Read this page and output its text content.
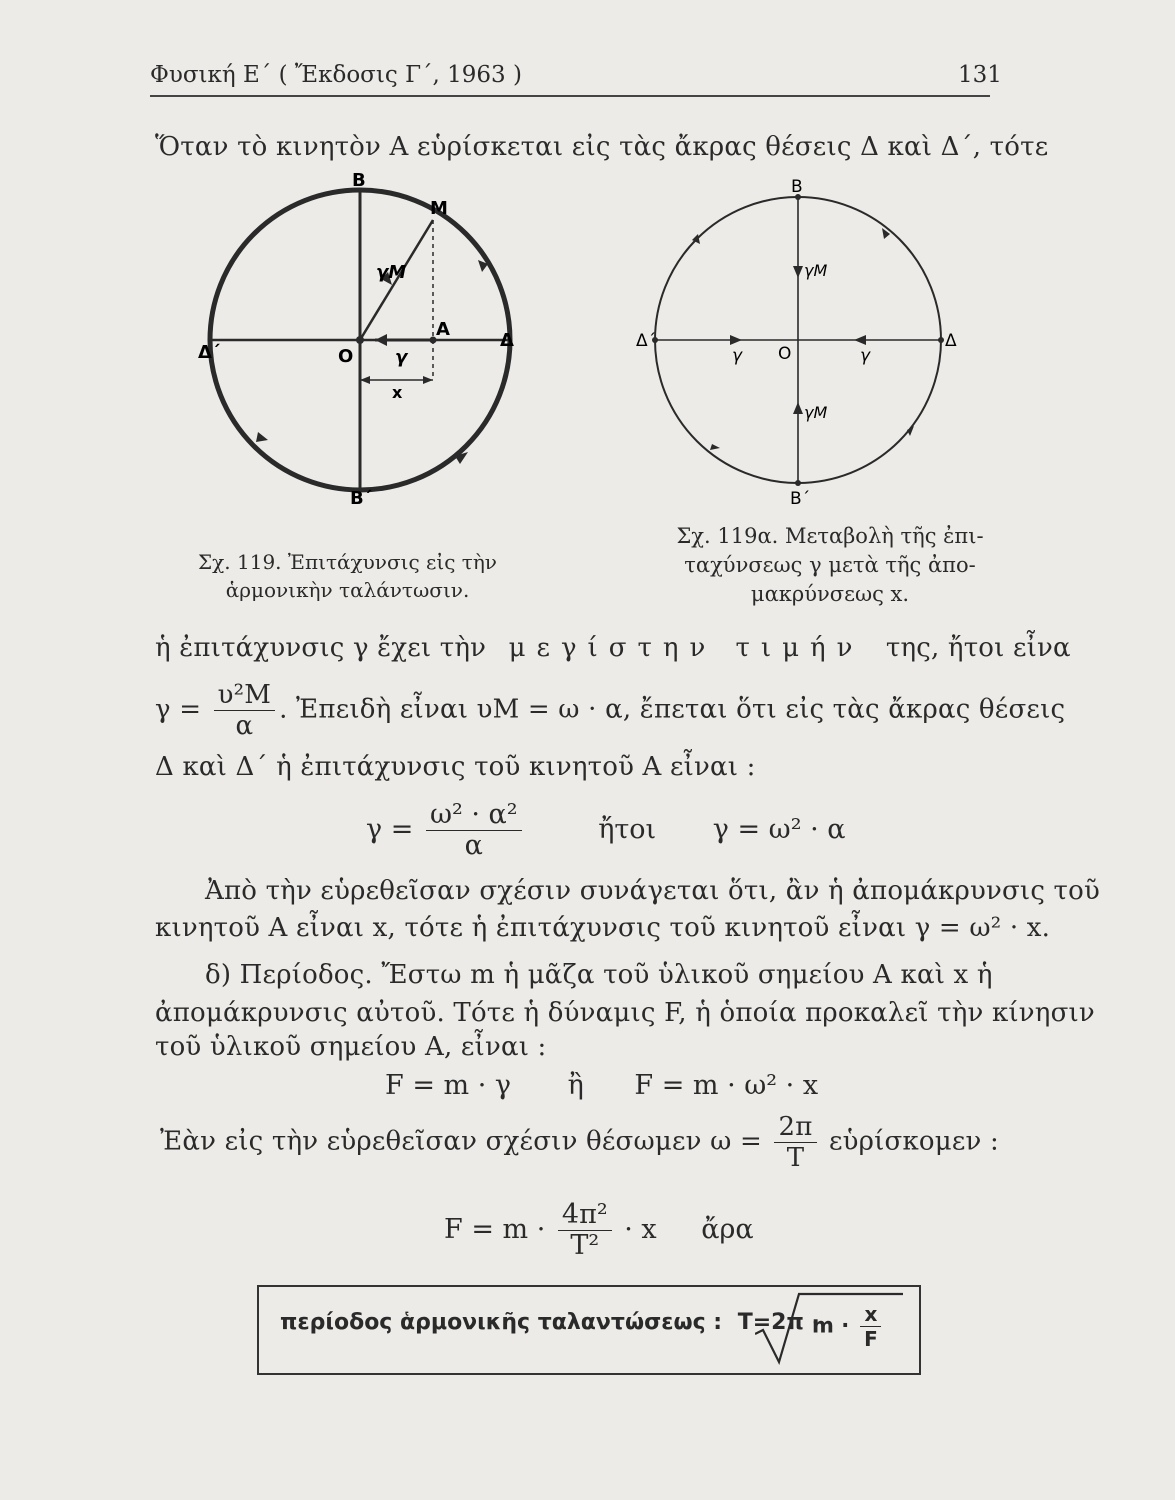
Φυσική Ε΄ ( Ἔκδοσις Γ΄, 1963 )	131
Ὅταν τὸ κινητὸν Α εὑρίσκεται εἰς τὰς ἄκρας θέσεις Δ καὶ Δ΄, τότε
B
B΄
M
γM
A
Δ
Δ΄	O γ
x
Σχ. 119. Ἐπιτάχυνσις εἰς τὴν
ἁρμονικὴν ταλάντωσιν.
B
B΄
γM
γM
Δ
Δ΄
O
γ	γ
Σχ. 119α. Μεταβολὴ τῆς ἐπι-
ταχύνσεως γ μετὰ τῆς ἀπο-
μακρύνσεως x.
ἡ ἐπιτάχυνσις γ ἔχει τὴν μεγίστην τιμήν της, ἤτοι εἶνα
$\gamma = \frac{\text{υ²M}}{\alpha}$ . Ἐπειδὴ εἶναι υM = ω · α, ἔπεται ὅτι εἰς τὰς ἄκρας θέσεις
Δ καὶ Δ΄ ἡ ἐπιτάχυνσις τοῦ κινητοῦ Α εἶναι :
$\gamma = \frac{\text{ω² · α²}}{\alpha}$	ἤτοι γ = ω² · α
Ἀπὸ τὴν εὑρεθεῖσαν σχέσιν συνάγεται ὅτι, ἂν ἡ ἀπομάκρυνσις τοῦ
κινητοῦ Α εἶναι x, τότε ἡ ἐπιτάχυνσις τοῦ κινητοῦ εἶναι γ = ω² · x.
δ) Περίοδος. Ἔστω m ἡ μᾶζα τοῦ ὑλικοῦ σημείου Α καὶ x ἡ
ἀπομάκρυνσις αὐτοῦ. Τότε ἡ δύναμις F, ἡ ὁποία προκαλεῖ τὴν κίνησιν
τοῦ ὑλικοῦ σημείου Α, εἶναι :
F = m · γ ἢ F = m · ω² · x
Ἐὰν εἰς τὴν εὑρεθεῖσαν σχέσιν θέσωμεν $\omega = \frac{2\pi}{T}$ εὑρίσκομεν :
$F = m \cdot \frac{\text{4π²}}{\text{T²}} \cdot x$ ἄρα
περίοδος ἁρμονικῆς ταλαντώσεως : T=2π ·
$m \cdot \frac{x}{F}$
